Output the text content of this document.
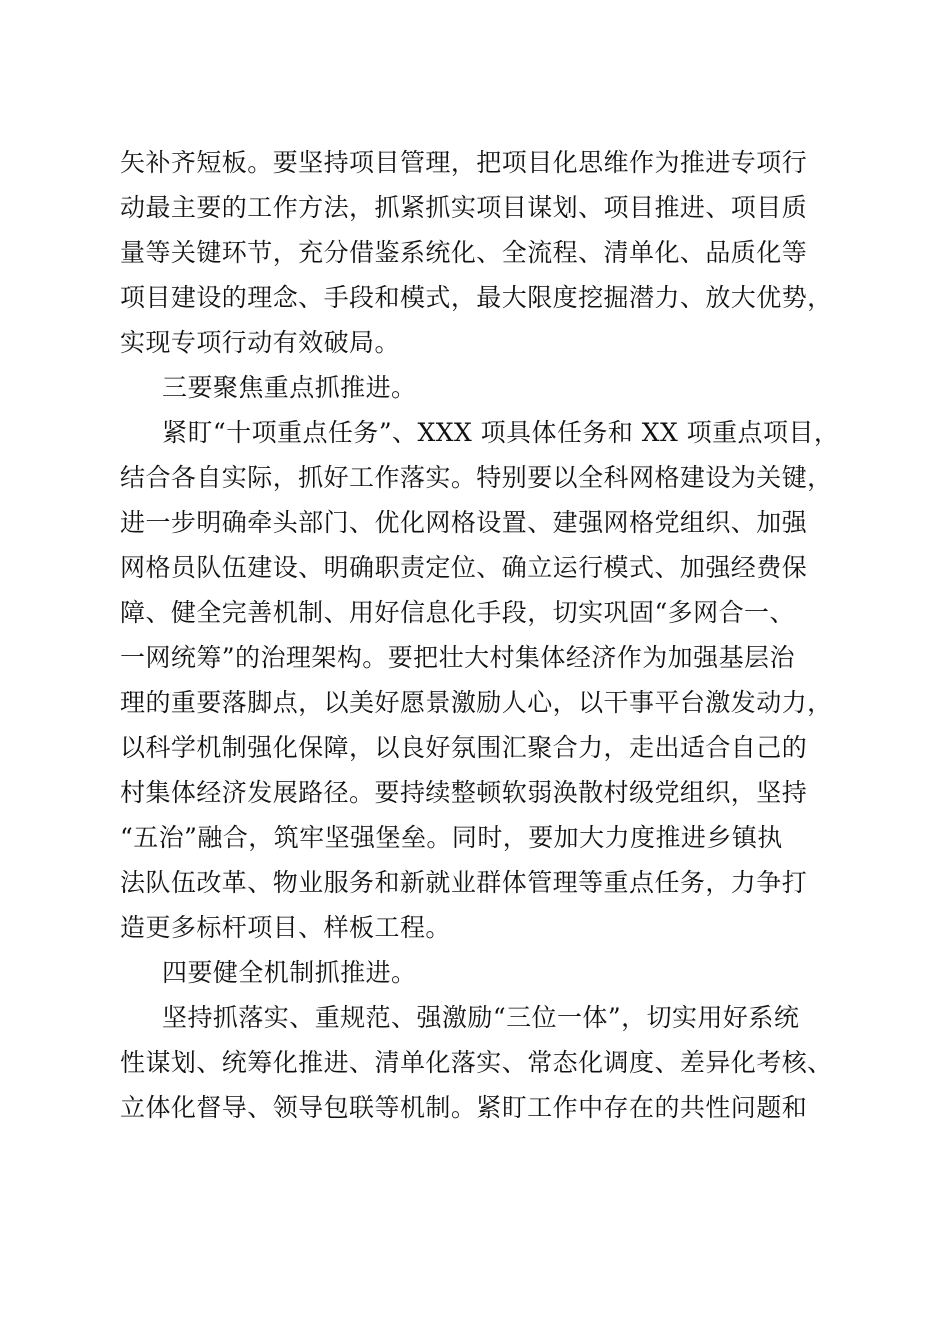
矢补齐短板。要坚持项目管理，把项目化思维作为推进专项行
动最主要的工作方法，抓紧抓实项目谋划、项目推进、项目质
量等关键环节，充分借鉴系统化、全流程、清单化、品质化等
项目建设的理念、手段和模式，最大限度挖掘潜力、放大优势，
实现专项行动有效破局。
三要聚焦重点抓推进。
紧盯“十项重点任务”、XXX 项具体任务和 XX 项重点项目，
结合各自实际，抓好工作落实。特别要以全科网格建设为关键，
进一步明确牵头部门、优化网格设置、建强网格党组织、加强
网格员队伍建设、明确职责定位、确立运行模式、加强经费保
障、健全完善机制、用好信息化手段，切实巩固“多网合一、
一网统筹”的治理架构。要把壮大村集体经济作为加强基层治
理的重要落脚点，以美好愿景激励人心，以干事平台激发动力，
以科学机制强化保障，以良好氛围汇聚合力，走出适合自己的
村集体经济发展路径。要持续整顿软弱涣散村级党组织，坚持
“五治”融合，筑牢坚强堡垒。同时，要加大力度推进乡镇执
法队伍改革、物业服务和新就业群体管理等重点任务，力争打
造更多标杆项目、样板工程。
四要健全机制抓推进。
坚持抓落实、重规范、强激励“三位一体”，切实用好系统
性谋划、统筹化推进、清单化落实、常态化调度、差异化考核、
立体化督导、领导包联等机制。紧盯工作中存在的共性问题和
